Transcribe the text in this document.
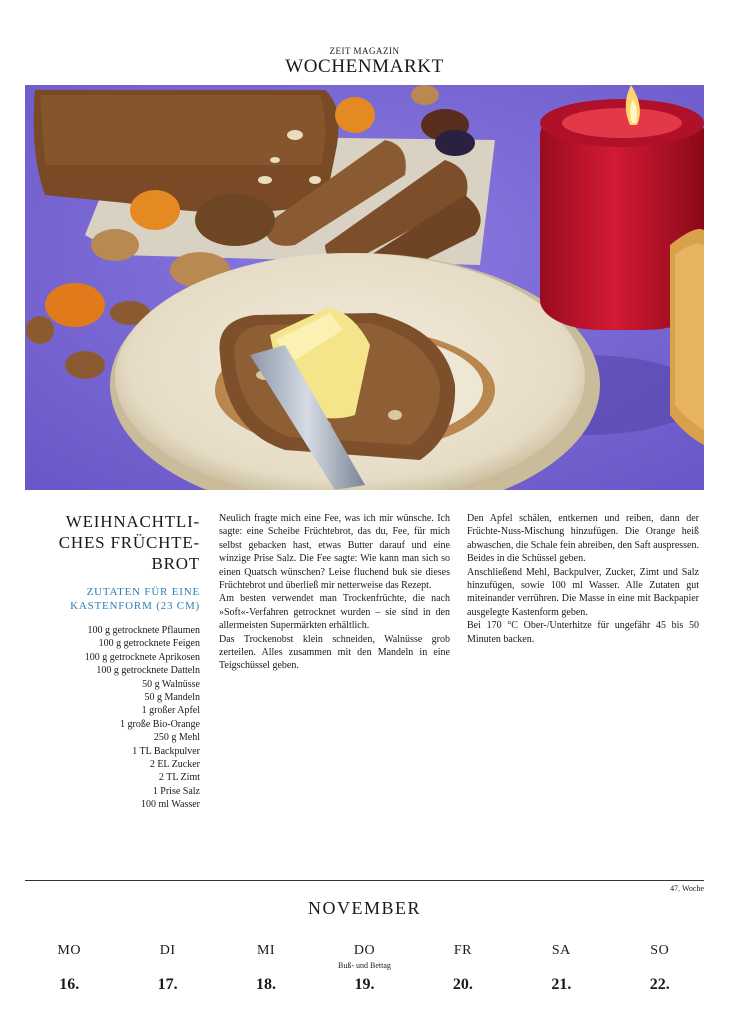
ZEIT MAGAZIN
WOCHENMARKT
WEIHNACHTLI-
CHES FRÜCHTE-
BROT
ZUTATEN FÜR EINE
KASTENFORM (23 CM)
100 g getrocknete Pflaumen
100 g getrocknete Feigen
100 g getrocknete Aprikosen
100 g getrocknete Datteln
50 g Walnüsse
50 g Mandeln
1 großer Apfel
1 große Bio-Orange
250 g Mehl
1 TL Backpulver
2 EL Zucker
2 TL Zimt
1 Prise Salz
100 ml Wasser

Neulich fragte mich eine Fee, was ich mir wünsche. Ich sagte: eine Scheibe Früchtebrot, das du, Fee, für mich selbst gebacken hast, etwas Butter darauf und eine winzige Prise Salz. Die Fee sagte: Wie kann man sich so einen Quatsch wünschen? Leise fluchend buk sie dieses Früchtebrot und überließ mir netterweise das Rezept.

Am besten verwendet man Trockenfrüchte, die nach »Soft«-Verfahren getrocknet wurden – sie sind in den allermeisten Supermärkten erhältlich.

Das Trockenobst klein schneiden, Walnüsse grob zerteilen. Alles zusammen mit den Mandeln in eine Teigschüssel geben.

Den Apfel schälen, entkernen und reiben, dann der Früchte-Nuss-Mischung hinzufügen. Die Orange heiß abwaschen, die Schale fein abreiben, den Saft auspressen. Beides in die Schüssel geben.

Anschließend Mehl, Backpulver, Zucker, Zimt und Salz hinzufügen, sowie 100 ml Wasser. Alle Zutaten gut miteinander verrühren. Die Masse in eine mit Backpapier ausgelegte Kastenform geben.

Bei 170 °C Ober-/Unterhitze für ungefähr 45 bis 50 Minuten backen.

47. Woche
NOVEMBER
MO
16.
DI
17.
MI
18.
DO
Buß- und Bettag
19.
FR
20.
SA
21.
SO
22.
